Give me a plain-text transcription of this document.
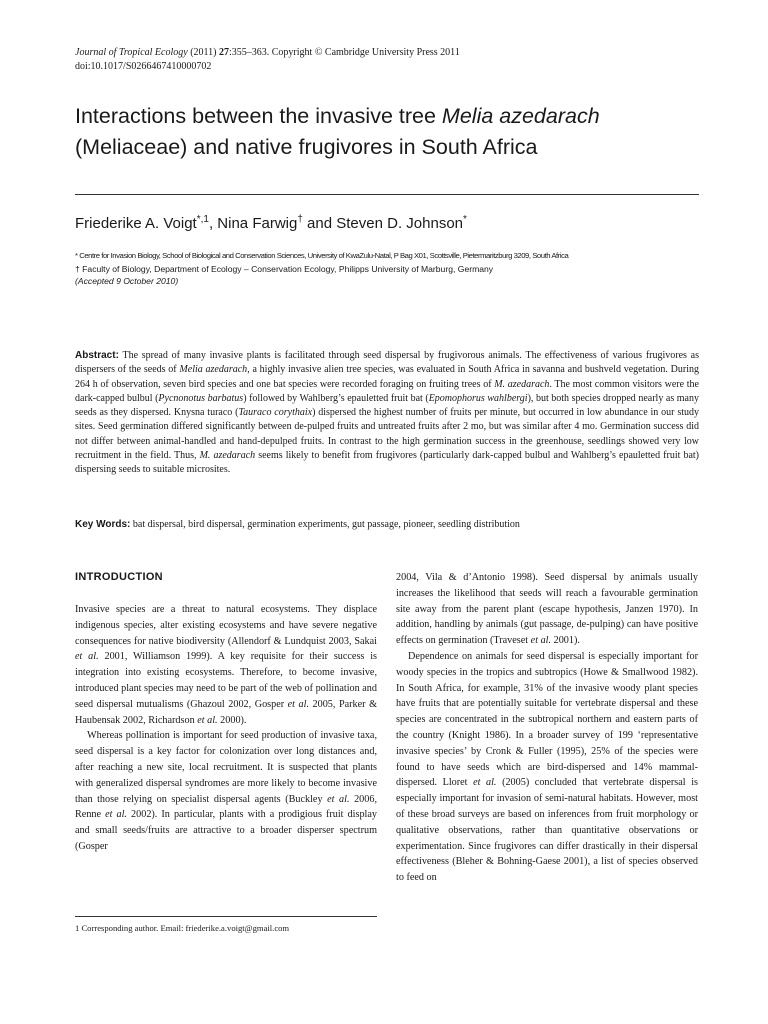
Journal of Tropical Ecology (2011) 27:355–363. Copyright © Cambridge University Press 2011
doi:10.1017/S0266467410000702
Interactions between the invasive tree Melia azedarach
(Meliaceae) and native frugivores in South Africa
Friederike A. Voigt$^{*,1}$, Nina Farwig† and Steven D. Johnson*
* Centre for Invasion Biology, School of Biological and Conservation Sciences, University of KwaZulu-Natal, P Bag X01, Scottsville, Pietermaritzburg 3209, South Africa
† Faculty of Biology, Department of Ecology – Conservation Ecology, Philipps University of Marburg, Germany
(Accepted 9 October 2010)
Abstract: The spread of many invasive plants is facilitated through seed dispersal by frugivorous animals. The effectiveness of various frugivores as dispersers of the seeds of Melia azedarach, a highly invasive alien tree species, was evaluated in South Africa in savanna and bushveld vegetation. During 264 h of observation, seven bird species and one bat species were recorded foraging on fruiting trees of M. azedarach. The most common visitors were the dark-capped bulbul (Pycnonotus barbatus) followed by Wahlberg’s epauletted fruit bat (Epomophorus wahlbergi), but both species dropped nearly as many seeds as they dispersed. Knysna turaco (Tauraco corythaix) dispersed the highest number of fruits per minute, but occurred in low abundance in our study sites. Seed germination differed significantly between de-pulped fruits and untreated fruits after 2 mo, but was similar after 4 mo. Germination success did not differ between animal-handled and hand-depulped fruits. In contrast to the high germination success in the greenhouse, seedlings showed very low recruitment in the field. Thus, M. azedarach seems likely to benefit from frugivores (particularly dark-capped bulbul and Wahlberg’s epauletted fruit bat) dispersing seeds to suitable microsites.
Key Words: bat dispersal, bird dispersal, germination experiments, gut passage, pioneer, seedling distribution
INTRODUCTION

Invasive species are a threat to natural ecosystems. They displace indigenous species, alter existing ecosystems and have severe negative consequences for native biodiversity (Allendorf & Lundquist 2003, Sakai et al. 2001, Williamson 1999). A key requisite for their success is integration into existing ecosystems. Therefore, to become invasive, introduced plant species may need to be part of the web of pollination and seed dispersal mutualisms (Ghazoul 2002, Gosper et al. 2005, Parker & Haubensak 2002, Richardson et al. 2000).

Whereas pollination is important for seed production of invasive taxa, seed dispersal is a key factor for colonization over long distances and, after reaching a new site, local recruitment. It is suspected that plants with generalized dispersal syndromes are more likely to become invasive than those relying on specialist dispersal agents (Buckley et al. 2006, Renne et al. 2002). In particular, plants with a prodigious fruit display and small seeds/fruits are attractive to a broader disperser spectrum (Gosper

1 Corresponding author. Email: friederike.a.voigt@gmail.com

2004, Vila & d’Antonio 1998). Seed dispersal by animals usually increases the likelihood that seeds will reach a favourable germination site away from the parent plant (escape hypothesis, Janzen 1970). In addition, handling by animals (gut passage, de-pulping) can have positive effects on germination (Traveset et al. 2001).

Dependence on animals for seed dispersal is especially important for woody species in the tropics and subtropics (Howe & Smallwood 1982). In South Africa, for example, 31% of the invasive woody plant species have fruits that are potentially suitable for vertebrate dispersal and these species are concentrated in the subtropical northern and eastern parts of the country (Knight 1986). In a broader survey of 199 ‘representative invasive species’ by Cronk & Fuller (1995), 25% of the species were found to have seeds which are bird-dispersed and 14% mammal-dispersed. Lloret et al. (2005) concluded that vertebrate dispersal is especially important for invasion of semi-natural habitats. However, most of these broad surveys are based on inferences from fruit morphology or qualitative observations, rather than quantitative observations or experimentation. Since frugivores can differ drastically in their dispersal effectiveness (Bleher & Bohning-Gaese 2001), a list of species observed to feed on
